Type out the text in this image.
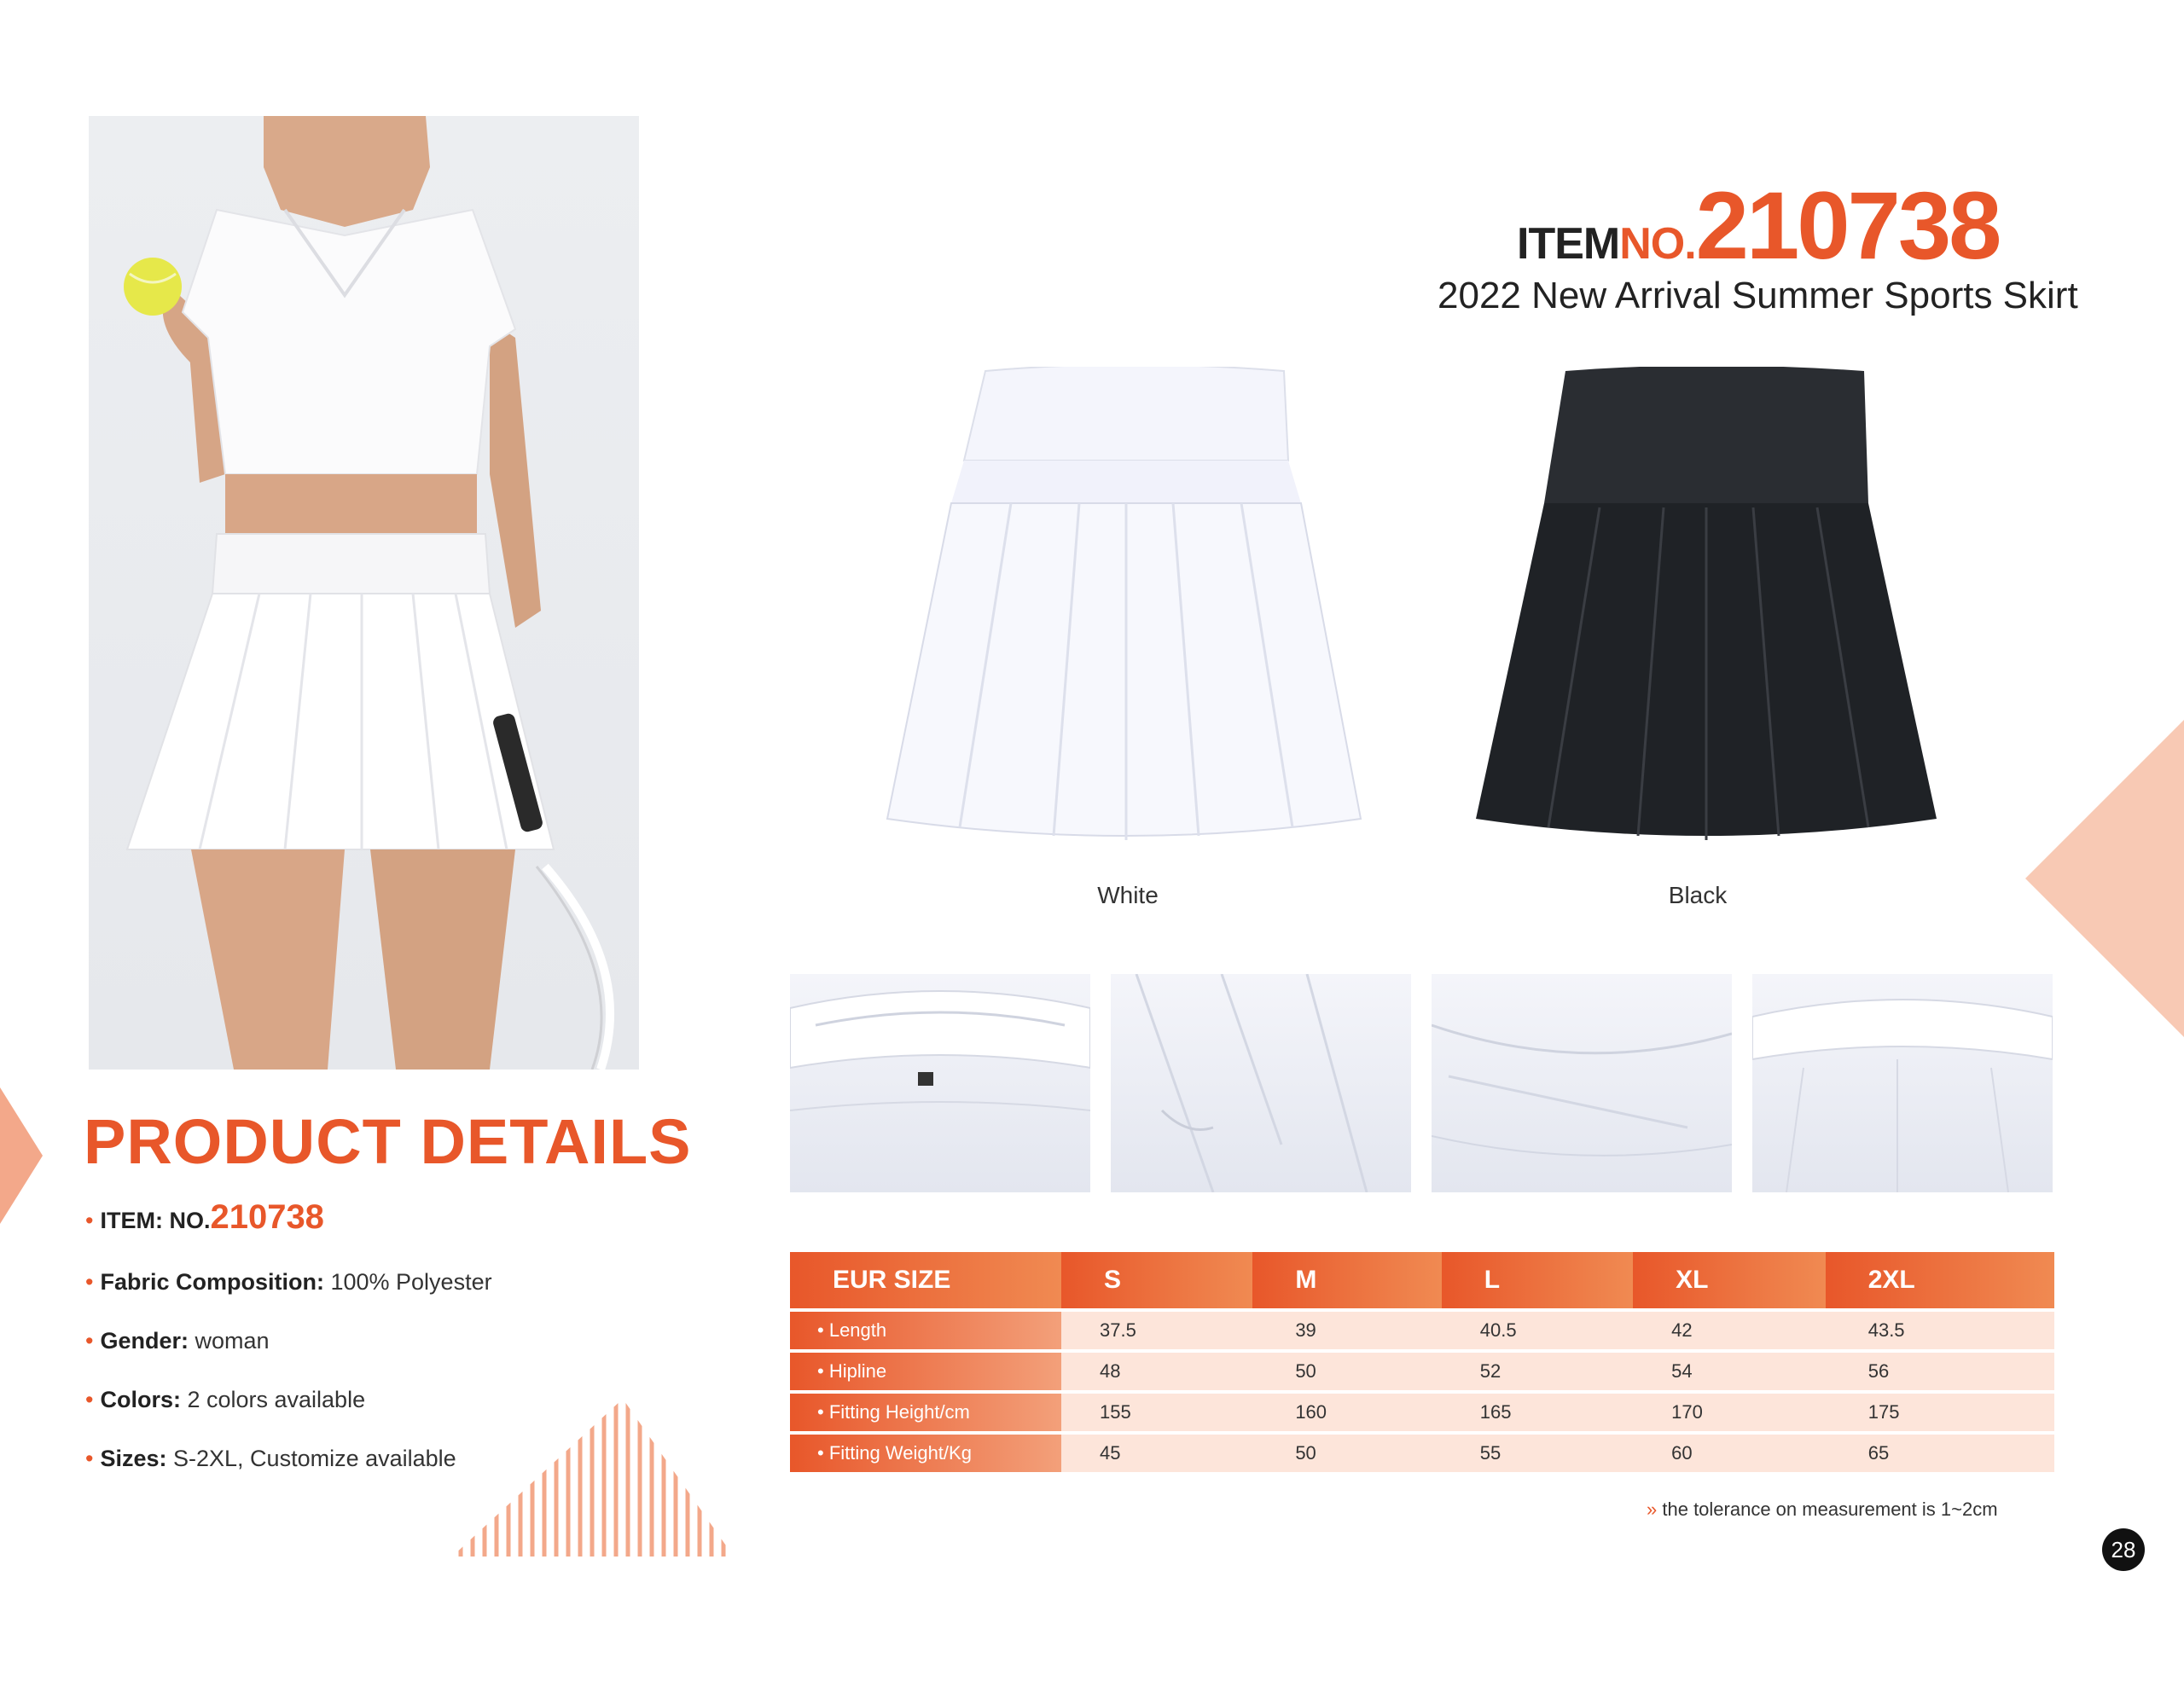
ITEMNO.210738
2022 New Arrival Summer Sports Skirt
White	Black
PRODUCT DETAILS
• ITEM: NO.210738
• Fabric Composition: 100% Polyester
• Gender: woman
• Colors: 2 colors available
• Sizes: S-2XL, Customize available
EUR SIZE	S	M	L	XL	2XL
• Length	37.5	39	40.5	42	43.5
• Hipline	48	50	52	54	56
• Fitting Height/cm	155	160	165	170	175
• Fitting Weight/Kg	45	50	55	60	65
» the tolerance on measurement is 1~2cm
28
